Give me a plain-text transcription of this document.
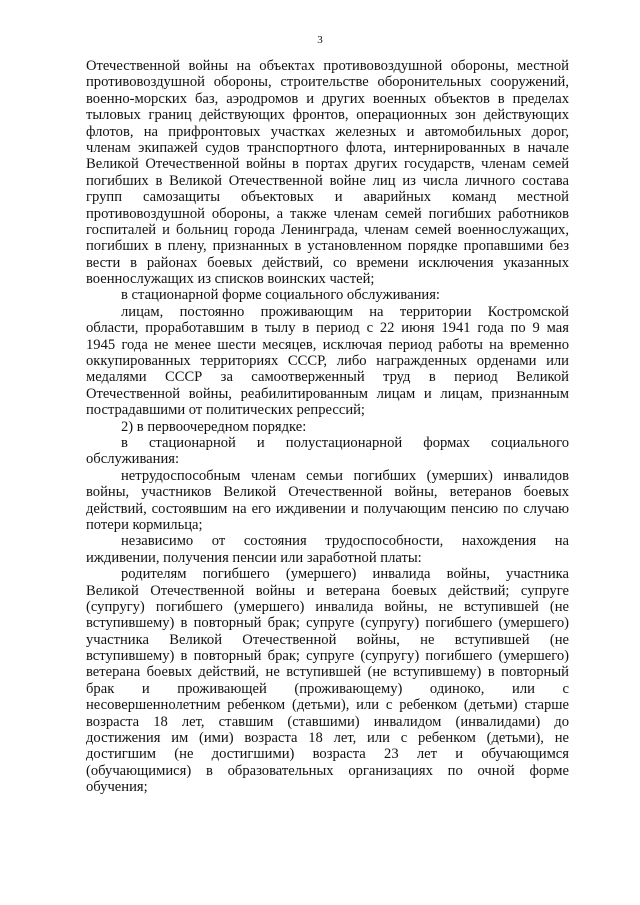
3
Отечественной войны на объектах противовоздушной обороны, местной
противовоздушной обороны, строительстве оборонительных сооружений,
военно-морских баз, аэродромов и других военных объектов в пределах
тыловых границ действующих фронтов, операционных зон действующих
флотов, на прифронтовых участках железных и автомобильных дорог,
членам экипажей судов транспортного флота, интернированных в начале
Великой Отечественной войны в портах других государств, членам семей
погибших в Великой Отечественной войне лиц из числа личного состава
групп самозащиты объектовых и аварийных команд местной
противовоздушной обороны, а также членам семей погибших работников
госпиталей и больниц города Ленинграда, членам семей военнослужащих,
погибших в плену, признанных в установленном порядке пропавшими без
вести в районах боевых действий, со времени исключения указанных
военнослужащих из списков воинских частей;
в стационарной форме социального обслуживания:
лицам, постоянно проживающим на территории Костромской
области, проработавшим в тылу в период с 22 июня 1941 года по 9 мая
1945 года не менее шести месяцев, исключая период работы на временно
оккупированных территориях СССР, либо награжденных орденами или
медалями СССР за самоотверженный труд в период Великой
Отечественной войны, реабилитированным лицам и лицам, признанным
пострадавшими от политических репрессий;
2) в первоочередном порядке:
в стационарной и полустационарной формах социального
обслуживания:
нетрудоспособным членам семьи погибших (умерших) инвалидов
войны, участников Великой Отечественной войны, ветеранов боевых
действий, состоявшим на его иждивении и получающим пенсию по случаю
потери кормильца;
независимо от состояния трудоспособности, нахождения на
иждивении, получения пенсии или заработной платы:
родителям погибшего (умершего) инвалида войны, участника
Великой Отечественной войны и ветерана боевых действий; супруге
(супругу) погибшего (умершего) инвалида войны, не вступившей (не
вступившему) в повторный брак; супруге (супругу) погибшего (умершего)
участника Великой Отечественной войны, не вступившей (не
вступившему) в повторный брак; супруге (супругу) погибшего (умершего)
ветерана боевых действий, не вступившей (не вступившему) в повторный
брак и проживающей (проживающему) одиноко, или с
несовершеннолетним ребенком (детьми), или с ребенком (детьми) старше
возраста 18 лет, ставшим (ставшими) инвалидом (инвалидами) до
достижения им (ими) возраста 18 лет, или с ребенком (детьми), не
достигшим (не достигшими) возраста 23 лет и обучающимся
(обучающимися) в образовательных организациях по очной форме
обучения;
